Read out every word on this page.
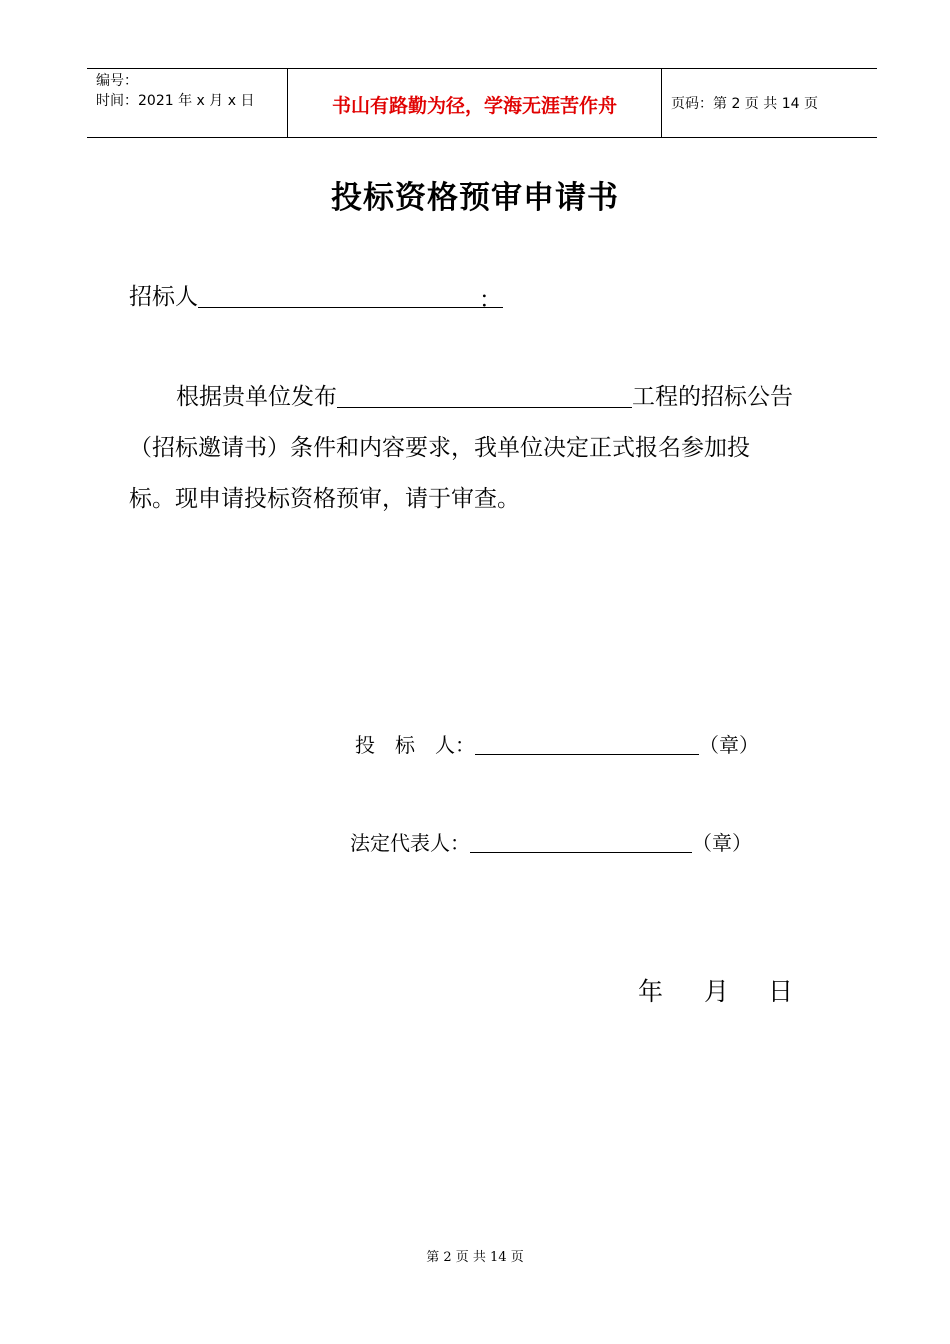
编号：
时间：2021 年 x 月 x 日	书山有路勤为径，学海无涯苦作舟	页码：第 2 页 共 14 页
投标资格预审申请书
招标人	：
根据贵单位发布	工程的招标公告
（招标邀请书）条件和内容要求，我单位决定正式报名参加投
标。现申请投标资格预审，请于审查。
投　标　人：	（章）
法定代表人：	（章）
年 月 日
第 2 页 共 14 页
